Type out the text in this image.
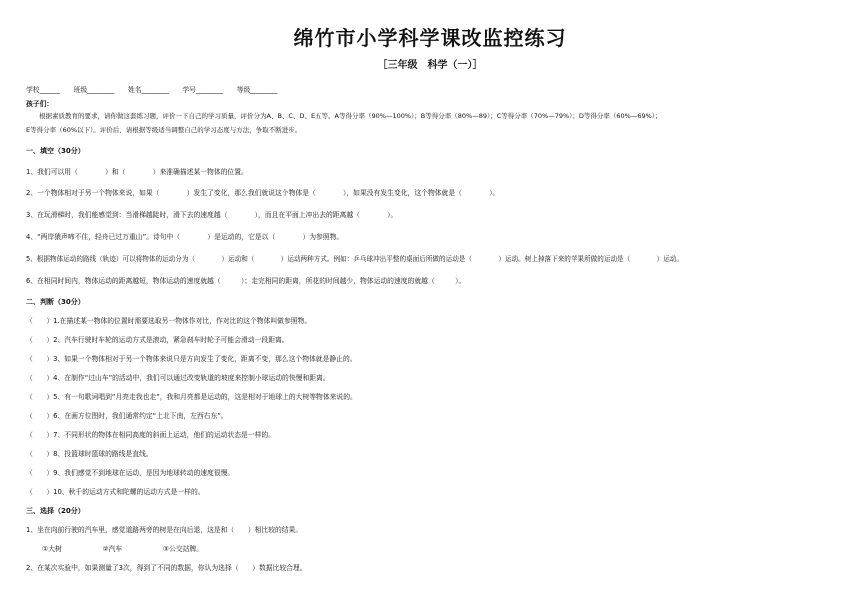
绵竹市小学科学课改监控练习
［三年级　科学（一）］
学校______　　班级________　　姓名________　　学号________　　等级________
孩子们：
　　根据素质教育的要求，请你做这套练习题，评价一下自己的学习质量，评价分为A、B、C、D、E五等。A等得分率（90%—100%）；B等得分率（80%—89）；C等得分率（70%—79%）；D等得分率（60%—69%）；
E等得分率（60%以下）。评价后，请根据等级适当调整自己的学习态度与方法，争取不断进步。
一、填空（30分）
1、我们可以用（　　　　）和（　　　　）来准确描述某一物体的位置。
2、一个物体相对于另一个物体来说，如果（　　　　）发生了变化，那么我们就说这个物体是（　　　　），如果没有发生变化，这个物体就是（　　　　）。
3、在玩滑梯时，我们能感觉到：当滑梯越陡时，滑下去的速度越（　　　　），而且在平面上冲出去的距离越（　　　　）。
4、“两岸猿声啼不住，轻舟已过万重山”。诗句中（　　　　）是运动的，它是以（　　　　）为参照物。
5、根据物体运动的路线（轨迹）可以将物体的运动分为（　　　　）运动和（　　　　）运动两种方式。例如：乒乓球冲出平整的桌面后所做的运动是（　　　　）运动。树上掉落下来的苹果所做的运动是（　　　　）运动。
6、在相同时间内，物体运动的距离越短，物体运动的速度就越（　　　）；走完相同的距离，所花的时间越少，物体运动的速度的就越（　　　）。
二、判断（30分）
（　　）1.在描述某一物体的位置时需要选取另一物体作对比，作对比的这个物体叫做参照物。
（　　）2、汽车行驶时车轮的运动方式是滚动，紧急刹车时轮子可能会滑动一段距离。
（　　）3、如果一个物体相对于另一个物体来说只是方向发生了变化，距离不变，那么这个物体就是静止的。
（　　）4、在制作“过山车”的活动中，我们可以通过改变轨道的坡度来控制小球运动的快慢和距离。
（　　）5、有一句歌词唱到“月亮走我也走”，我和月亮都是运动的，这是相对于地球上的大树等物体来说的。
（　　）6、在画方位图时，我们通常约定“上北下南，左西右东”。
（　　）7、不同形状的物体在相同高度的斜面上运动，他们的运动状态是一样的。
（　　）8、投篮球时篮球的路线是直线。
（　　）9、我们感觉不到地球在运动，是因为地球转动的速度很慢。
（　　）10、秋千的运动方式和陀螺的运动方式是一样的。
三、选择（20分）
1、坐在向前行驶的汽车里，感觉道路两旁的树是在向后退，这是和（　　）相比较的结果。
①大树　　　　　　②汽车　　　　　　③公交站牌。
2、在某次实验中，如果测量了3次，得到了不同的数据，你认为选择（　　）数据比较合理。
